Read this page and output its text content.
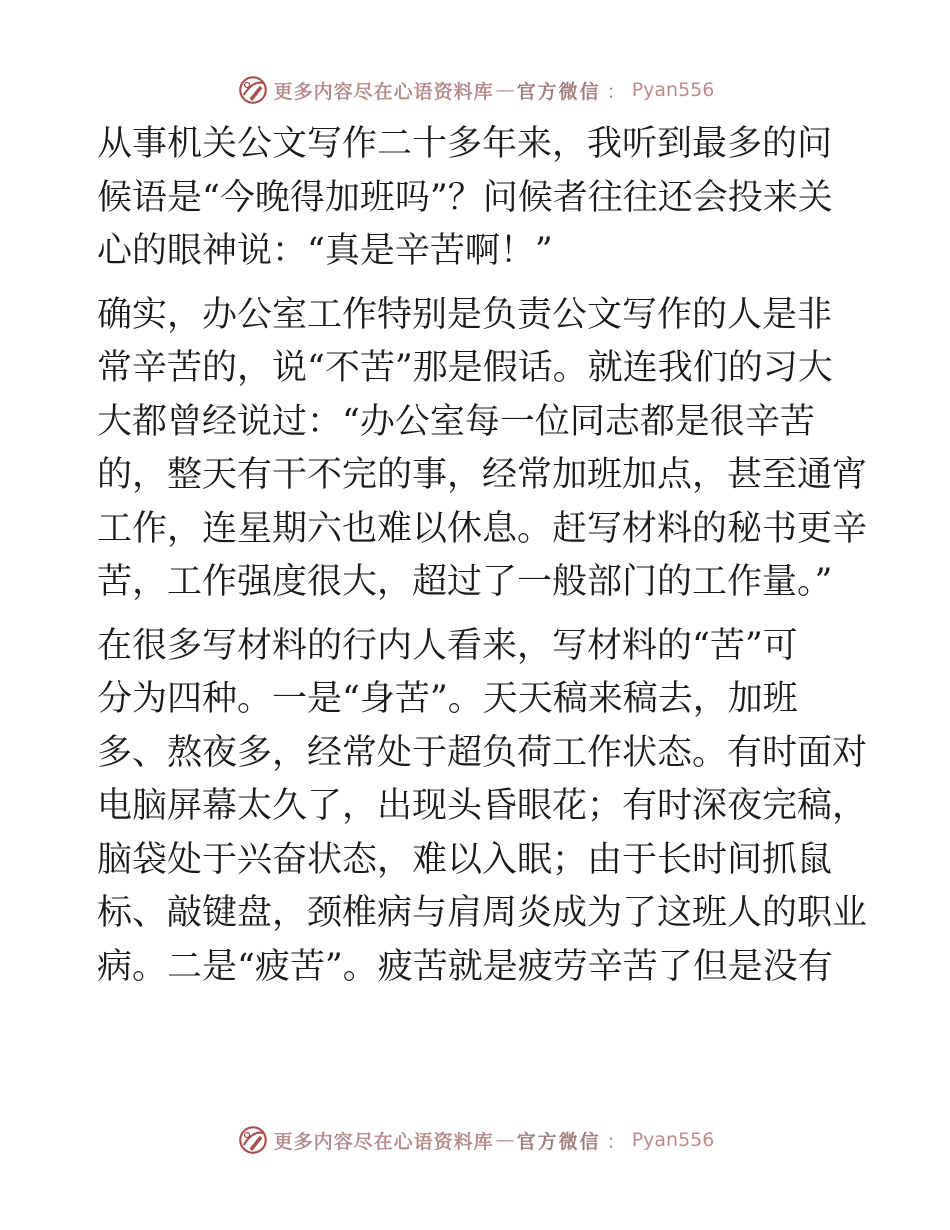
更多内容尽在心语资料库 — 官方微信 ： Pyan556
从事机关公文写作二十多年来，我听到最多的问
候语是“今晚得加班吗”？问候者往往还会投来关
心的眼神说：“真是辛苦啊！”
确实，办公室工作特别是负责公文写作的人是非
常辛苦的，说“不苦”那是假话。就连我们的习大
大都曾经说过：“办公室每一位同志都是很辛苦
的，整天有干不完的事，经常加班加点，甚至通宵
工作，连星期六也难以休息。赶写材料的秘书更辛
苦，工作强度很大，超过了一般部门的工作量。”
在很多写材料的行内人看来，写材料的“苦”可
分为四种。一是“身苦”。天天稿来稿去，加班
多、熬夜多，经常处于超负荷工作状态。有时面对
电脑屏幕太久了，出现头昏眼花；有时深夜完稿，
脑袋处于兴奋状态，难以入眠；由于长时间抓鼠
标、敲键盘，颈椎病与肩周炎成为了这班人的职业
病。二是“疲苦”。疲苦就是疲劳辛苦了但是没有
更多内容尽在心语资料库 — 官方微信 ： Pyan556
